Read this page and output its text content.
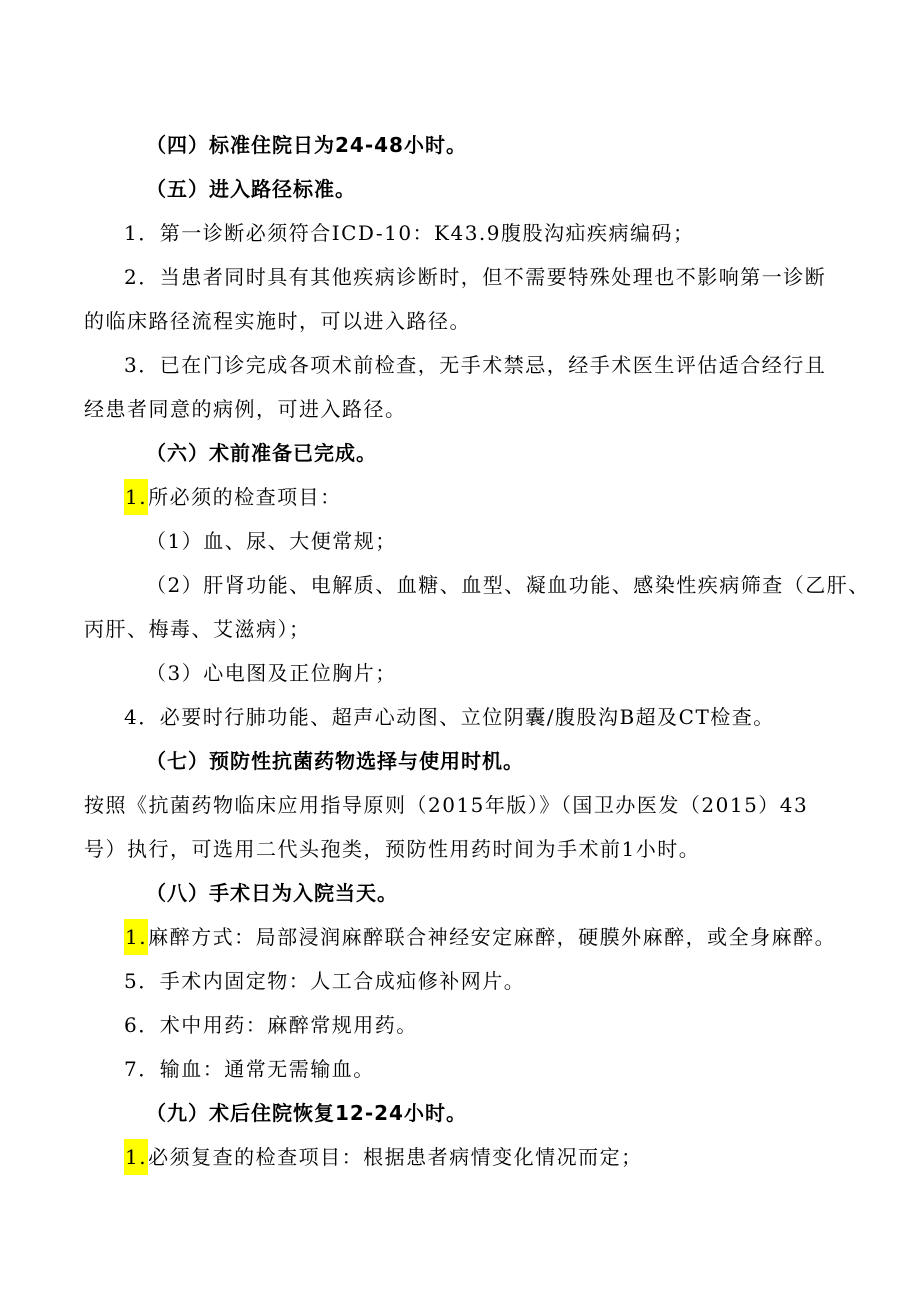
（四）标准住院日为24-48小时。
（五）进入路径标准。
1．第一诊断必须符合ICD-10：K43.9腹股沟疝疾病编码；
2．当患者同时具有其他疾病诊断时，但不需要特殊处理也不影响第一诊断
的临床路径流程实施时，可以进入路径。
3．已在门诊完成各项术前检查，无手术禁忌，经手术医生评估适合经行且
经患者同意的病例，可进入路径。
（六）术前准备已完成。
1.所必须的检查项目：
（1）血、尿、大便常规；
（2）肝肾功能、电解质、血糖、血型、凝血功能、感染性疾病筛查（乙肝、
丙肝、梅毒、艾滋病）；
（3）心电图及正位胸片；
4．必要时行肺功能、超声心动图、立位阴囊/腹股沟B超及CT检查。
（七）预防性抗菌药物选择与使用时机。
按照《抗菌药物临床应用指导原则（2015年版）》（国卫办医发（2015）43
号）执行，可选用二代头孢类，预防性用药时间为手术前1小时。
（八）手术日为入院当天。
1.麻醉方式：局部浸润麻醉联合神经安定麻醉，硬膜外麻醉，或全身麻醉。
5．手术内固定物：人工合成疝修补网片。
6．术中用药：麻醉常规用药。
7．输血：通常无需输血。
（九）术后住院恢复12-24小时。
1.必须复查的检查项目：根据患者病情变化情况而定；
